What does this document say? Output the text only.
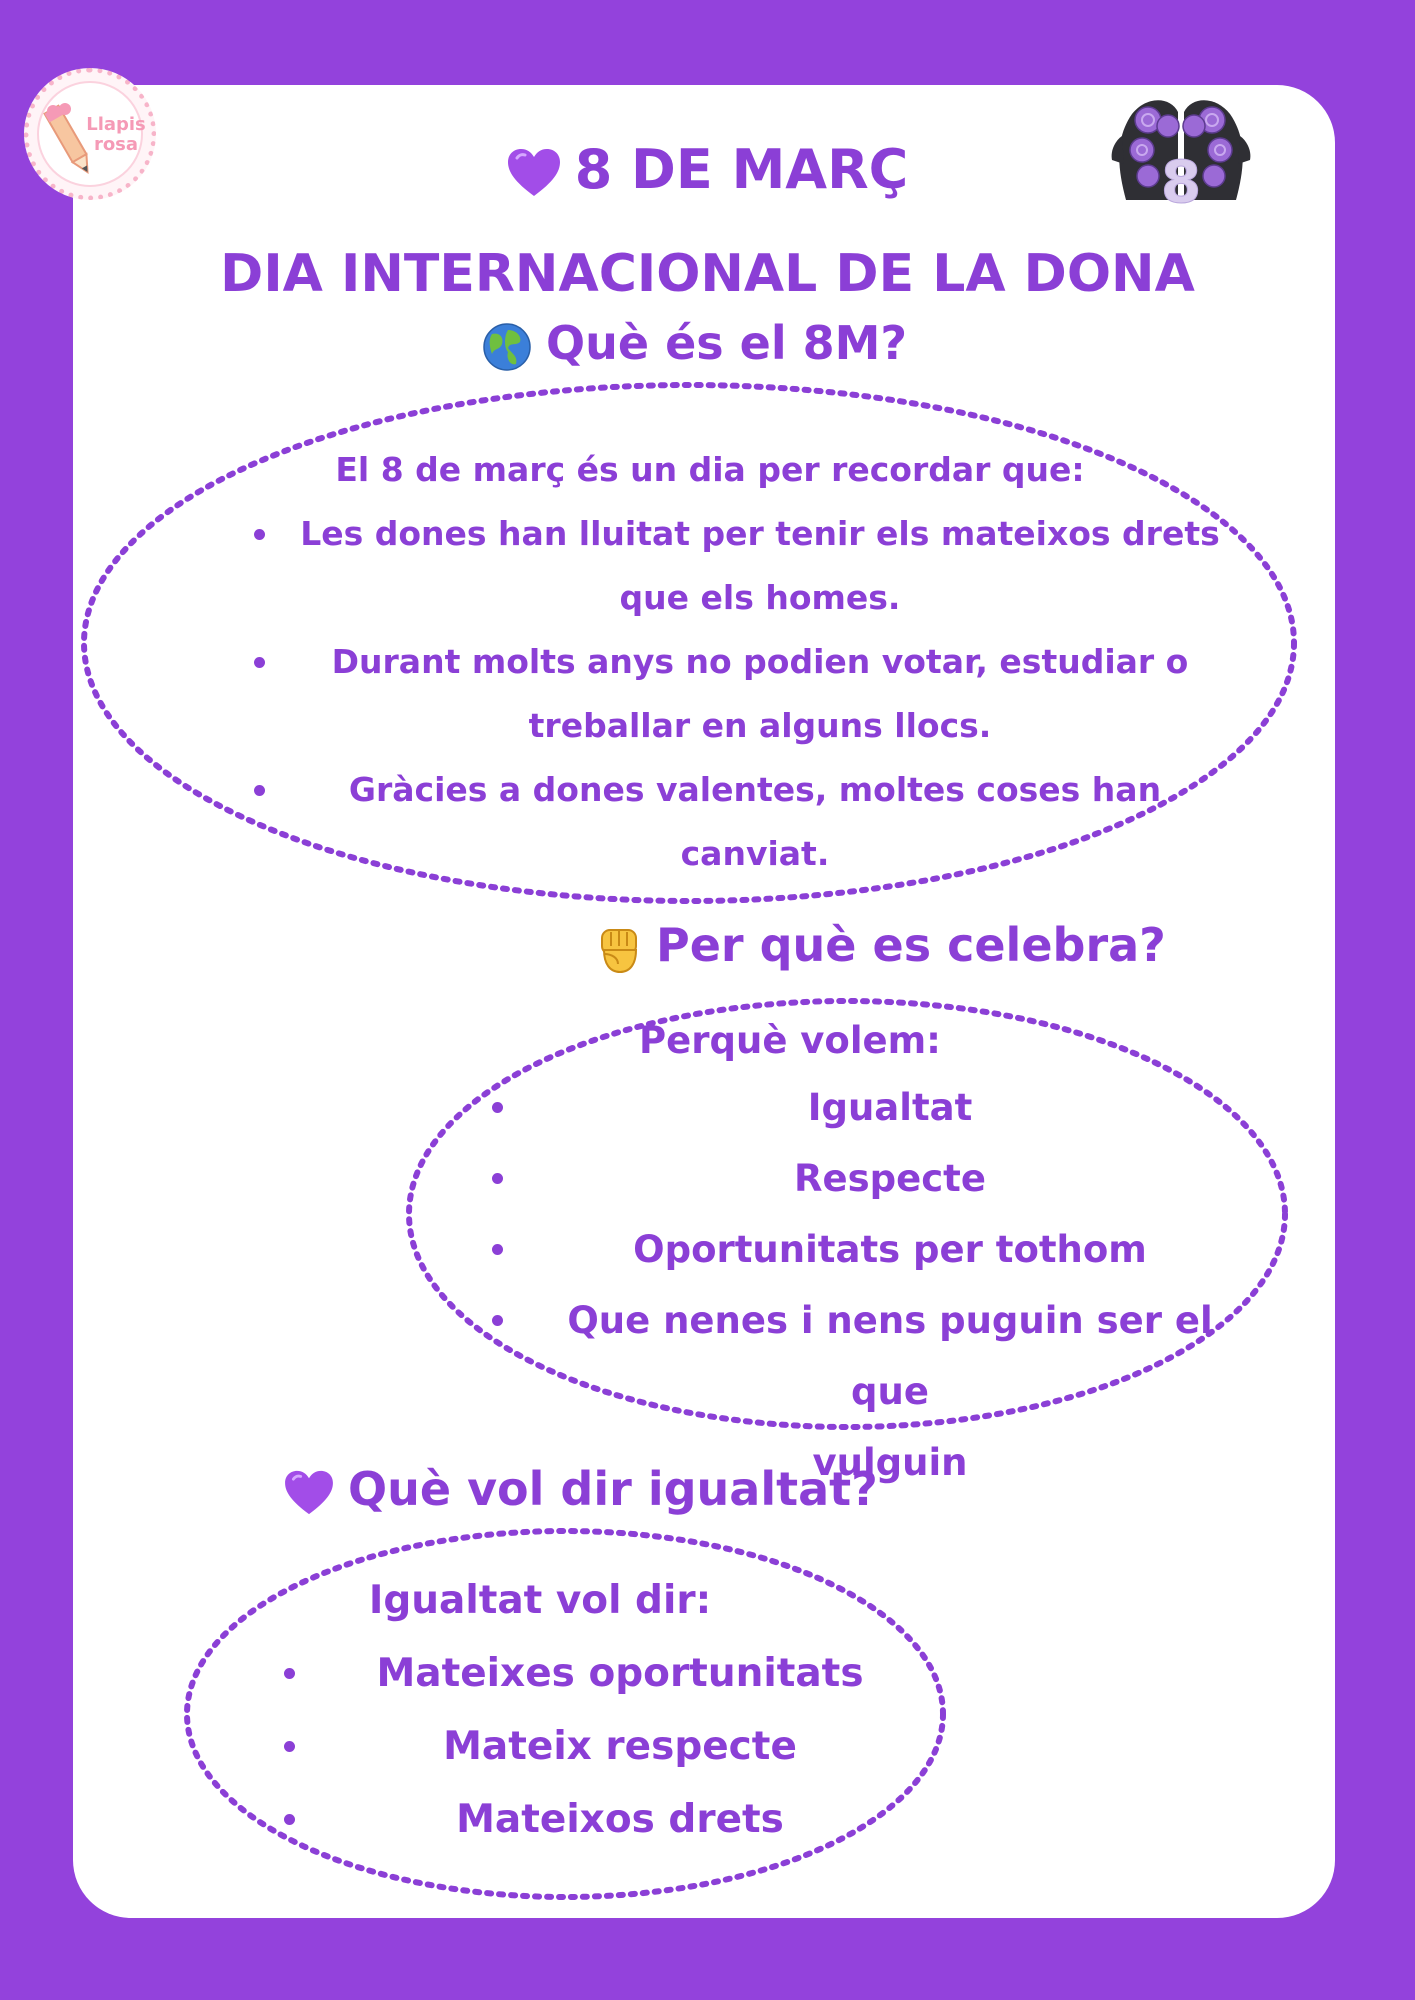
Llapis
rosa
8
8 DE MARÇ
DIA INTERNACIONAL DE LA DONA
Què és el 8M?
El 8 de març és un dia per recordar que:
Les dones han lluitat per tenir els mateixos drets
que els homes.
Durant molts anys no podien votar, estudiar o
treballar en alguns llocs.
Gràcies a dones valentes, moltes coses han canviat.
Per què es celebra?
Perquè volem:
Igualtat
Respecte
Oportunitats per tothom
Que nenes i nens puguin ser el que
vulguin
Què vol dir igualtat?
Igualtat vol dir:
Mateixes oportunitats
Mateix respecte
Mateixos drets
